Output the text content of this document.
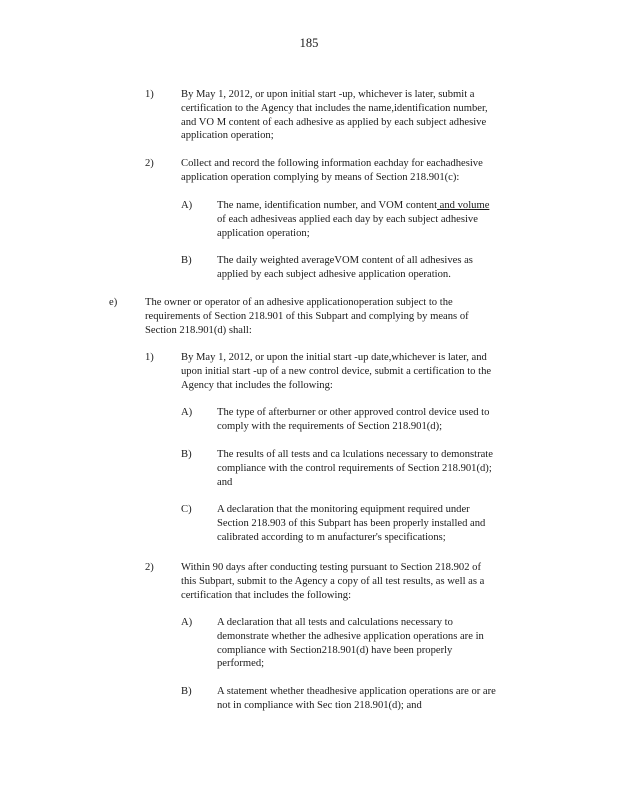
185
1)	By May 1, 2012, or upon initial start -up, whichever is later, submit a
certification to the Agency that includes the name,identification number,
and VO M content of each adhesive as applied by each subject adhesive
application operation;
2)	Collect and record the following information eachday for eachadhesive
application operation complying by means of Section 218.901(c):
A) The name, identification number, and VOM content and volume
of each adhesiveas applied each day by each subject adhesive
application operation;
B) The daily weighted averageVOM content of all adhesives as
applied by each subject adhesive application operation.
e)	The owner or operator of an adhesive applicationoperation subject to the
requirements of Section 218.901 of this Subpart and complying by means of
Section 218.901(d) shall:
1)	By May 1, 2012, or upon the initial start -up date,whichever is later, and
upon initial start -up of a new control device, submit a certification to the
Agency that includes the following:
A) The type of afterburner or other approved control device used to
comply with the requirements of Section 218.901(d);
B) The results of all tests and ca lculations necessary to demonstrate
compliance with the control requirements of Section 218.901(d);
and
C) A declaration that the monitoring equipment required under
Section 218.903 of this Subpart has been properly installed and
calibrated according to m anufacturer's specifications;
2)	Within 90 days after conducting testing pursuant to Section 218.902 of
this Subpart, submit to the Agency a copy of all test results, as well as a
certification that includes the following:
A) A declaration that all tests and calculations necessary to
demonstrate whether the adhesive application operations are in
compliance with Section218.901(d) have been properly
performed;
B) A statement whether theadhesive application operations are or are
not in compliance with Sec tion 218.901(d); and
